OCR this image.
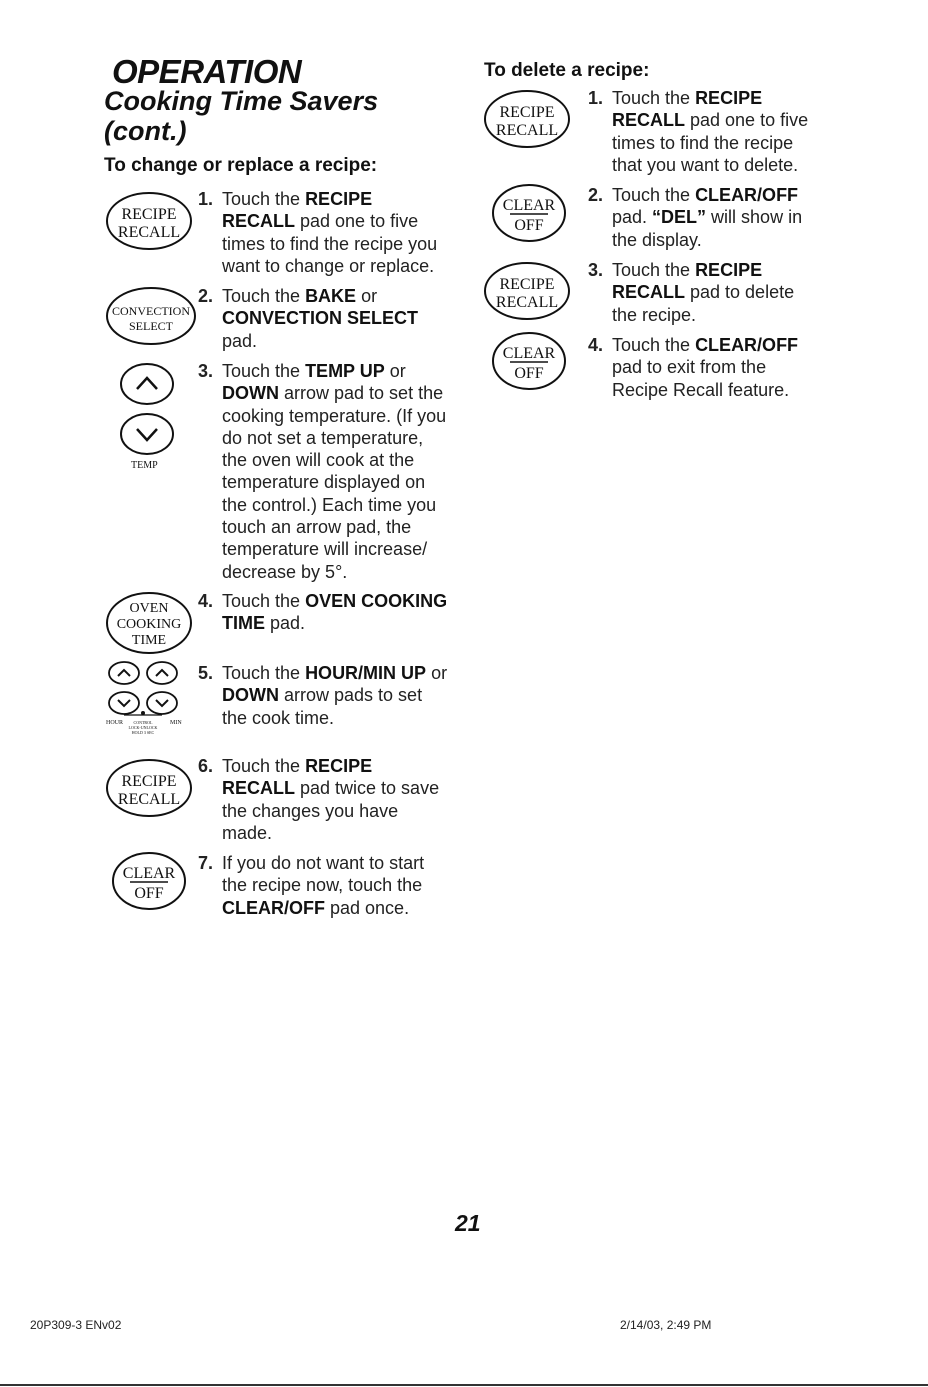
OPERATION
Cooking Time Savers
(cont.)
To change or replace a recipe:
RECIPE
RECALL
CONVECTION
SELECT
TEMP
OVEN
COOKING
TIME
HOUR	CONTROL	MIN
LOCK-UNLOCK
HOLD 3 SEC
RECIPE
RECALL
CLEAR
OFF
1. Touch the RECIPE
RECALL pad one to five
times to find the recipe you
want to change or replace.
2. Touch the BAKE or
CONVECTION SELECT
pad.
3. Touch the TEMP UP or
DOWN arrow pad to set the
cooking temperature. (If you
do not set a temperature,
the oven will cook at the
temperature displayed on
the control.) Each time you
touch an arrow pad, the
temperature will increase/
decrease by 5°.
4. Touch the OVEN COOKING
TIME pad.
5. Touch the HOUR/MIN UP or
DOWN arrow pads to set
the cook time.
6. Touch the RECIPE
RECALL pad twice to save
the changes you have
made.
7. If you do not want to start
the recipe now, touch the
CLEAR/OFF pad once.
To delete a recipe:
RECIPE
RECALL
CLEAR
OFF
RECIPE
RECALL
CLEAR
OFF
1. Touch the RECIPE
RECALL pad one to five
times to find the recipe
that you want to delete.
2. Touch the CLEAR/OFF
pad. “DEL” will show in
the display.
3. Touch the RECIPE
RECALL pad to delete
the recipe.
4. Touch the CLEAR/OFF
pad to exit from the
Recipe Recall feature.
21
20P309-3 ENv02	2/14/03, 2:49 PM
